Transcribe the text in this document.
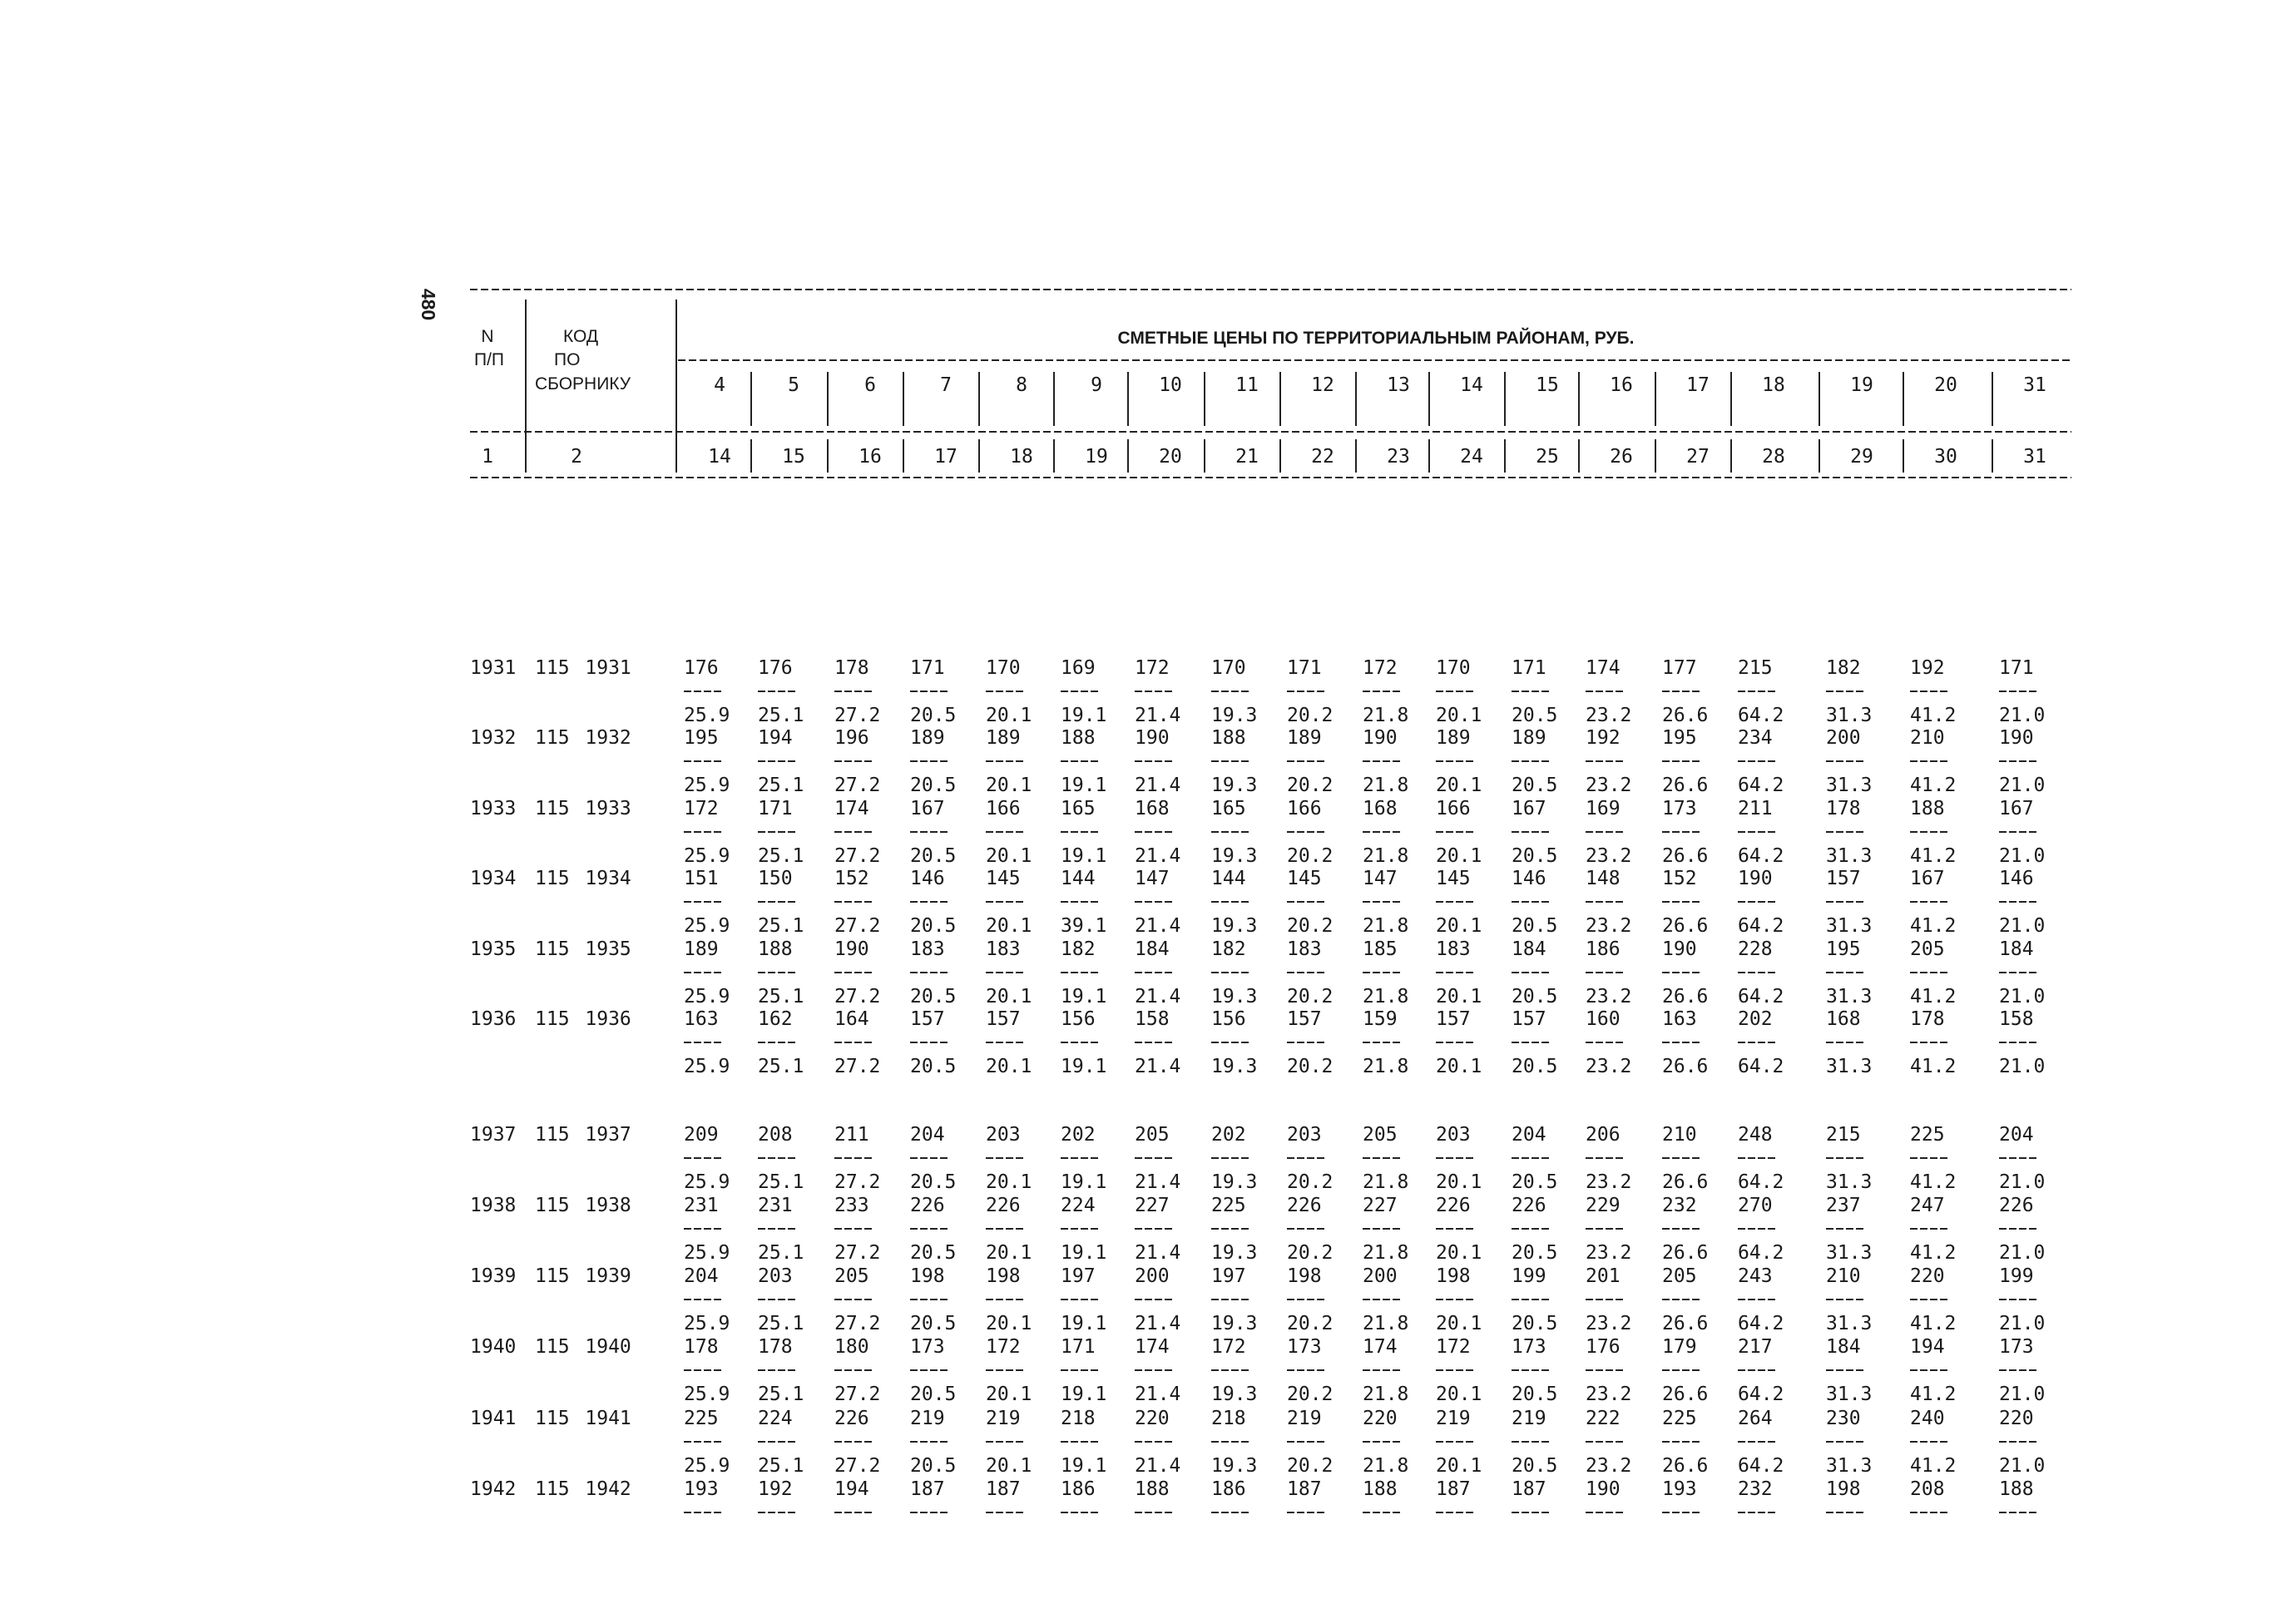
480
N
П/П
КОД
ПО
СБОРНИКУ
СМЕТНЫЕ ЦЕНЫ ПО ТЕРРИТОРИАЛЬНЫМ РАЙОНАМ, РУБ.
1	2
4	5	6	7	8	9	10	11	12	13	14	15	16	17	18	19	20	31
14	15	16	17	18	19	20	21	22	23	24	25	26	27	28	29	30	31
1931 115 1931	176 176 178 171 170 169 172 170 171 172 170 171 174 177 215	182	192	171
25.9 25.1 27.2 20.5 20.1 19.1 21.4 19.3 20.2 21.8 20.1 20.5 23.2 26.6 64.2 31.3 41.2 21.0
1932 115 1932	195 194 196 189 189 188 190 188 189 190 189 189 192 195 234	200	210	190
25.9 25.1 27.2 20.5 20.1 19.1 21.4 19.3 20.2 21.8 20.1 20.5 23.2 26.6 64.2 31.3 41.2 21.0
1933 115 1933	172 171 174 167 166 165 168 165 166 168 166 167 169 173 211	178	188	167
25.9 25.1 27.2 20.5 20.1 19.1 21.4 19.3 20.2 21.8 20.1 20.5 23.2 26.6 64.2 31.3 41.2 21.0
1934 115 1934	151 150 152 146 145 144 147 144 145 147 145 146 148 152 190	157	167	146
25.9 25.1 27.2 20.5 20.1 39.1 21.4 19.3 20.2 21.8 20.1 20.5 23.2 26.6 64.2 31.3 41.2 21.0
1935 115 1935	189 188 190 183 183 182 184 182 183 185 183 184 186 190 228	195	205	184
25.9 25.1 27.2 20.5 20.1 19.1 21.4 19.3 20.2 21.8 20.1 20.5 23.2 26.6 64.2 31.3 41.2 21.0
1936 115 1936	163 162 164 157 157 156 158 156 157 159 157 157 160 163 202	168	178	158
25.9 25.1 27.2 20.5 20.1 19.1 21.4 19.3 20.2 21.8 20.1 20.5 23.2 26.6 64.2 31.3 41.2 21.0
1937 115 1937	209 208 211 204 203 202 205 202 203 205 203 204 206 210 248	215	225	204
25.9 25.1 27.2 20.5 20.1 19.1 21.4 19.3 20.2 21.8 20.1 20.5 23.2 26.6 64.2 31.3 41.2 21.0
1938 115 1938	231 231 233 226 226 224 227 225 226 227 226 226 229 232 270	237	247	226
25.9 25.1 27.2 20.5 20.1 19.1 21.4 19.3 20.2 21.8 20.1 20.5 23.2 26.6 64.2 31.3 41.2 21.0
1939 115 1939	204 203 205 198 198 197 200 197 198 200 198 199 201 205 243	210	220	199
25.9 25.1 27.2 20.5 20.1 19.1 21.4 19.3 20.2 21.8 20.1 20.5 23.2 26.6 64.2 31.3 41.2 21.0
1940 115 1940	178 178 180 173 172 171 174 172 173 174 172 173 176 179 217	184	194	173
25.9 25.1 27.2 20.5 20.1 19.1 21.4 19.3 20.2 21.8 20.1 20.5 23.2 26.6 64.2 31.3 41.2 21.0
1941 115 1941	225 224 226 219 219 218 220 218 219 220 219 219 222 225 264	230	240	220
25.9 25.1 27.2 20.5 20.1 19.1 21.4 19.3 20.2 21.8 20.1 20.5 23.2 26.6 64.2 31.3 41.2 21.0
1942 115 1942	193 192 194 187 187 186 188 186 187 188 187 187 190 193 232	198	208	188
